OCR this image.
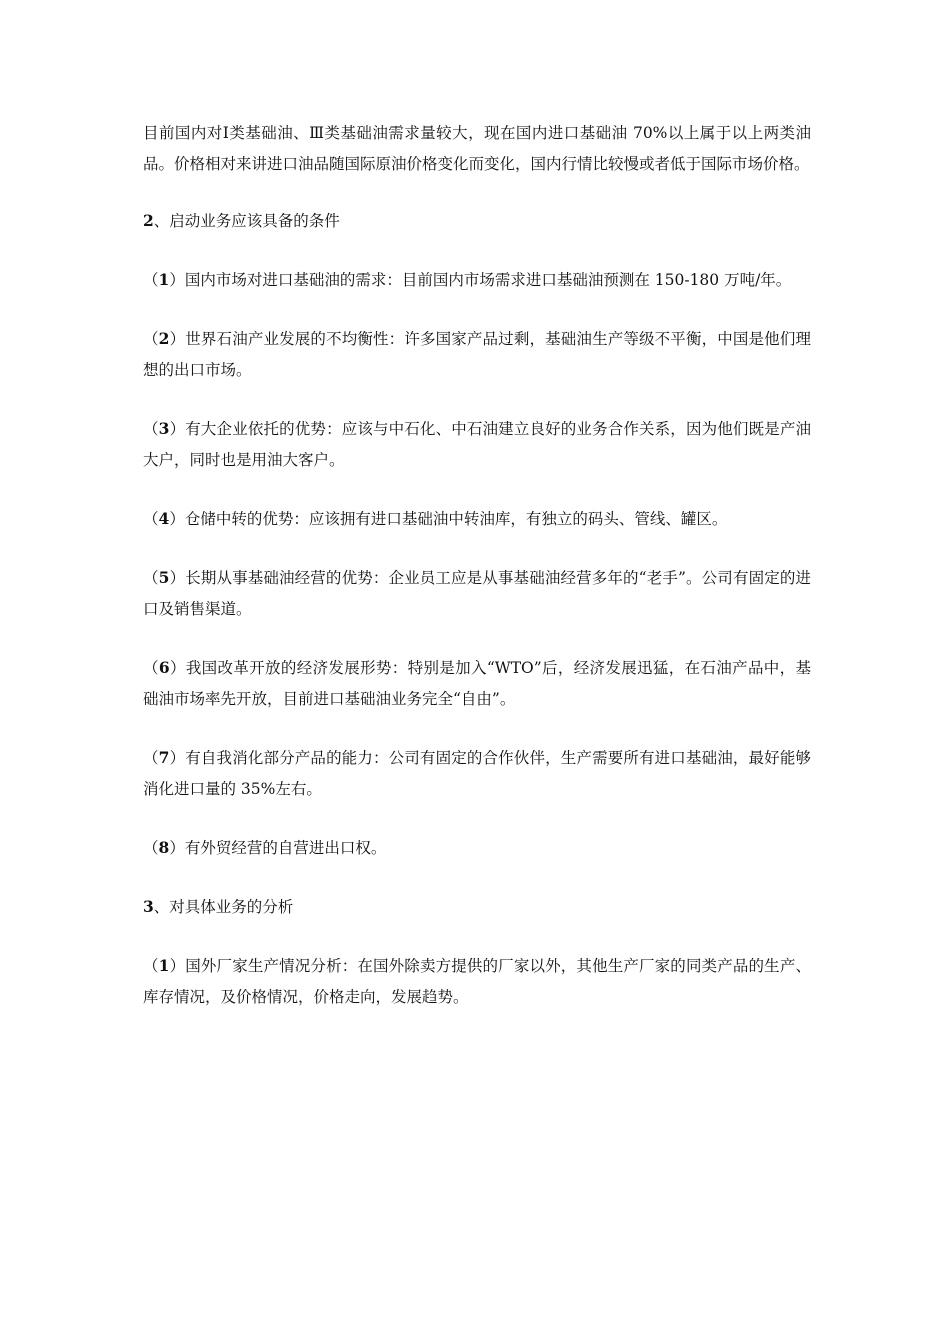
目前国内对Ⅰ类基础油、Ⅲ类基础油需求量较大，现在国内进口基础油 70%以上属于以上两类油品。价格相对来讲进口油品随国际原油价格变化而变化，国内行情比较慢或者低于国际市场价格。

2、启动业务应该具备的条件

（1）国内市场对进口基础油的需求：目前国内市场需求进口基础油预测在 150-180 万吨/年。

（2）世界石油产业发展的不均衡性：许多国家产品过剩，基础油生产等级不平衡，中国是他们理想的出口市场。

（3）有大企业依托的优势：应该与中石化、中石油建立良好的业务合作关系，因为他们既是产油大户，同时也是用油大客户。

（4）仓储中转的优势：应该拥有进口基础油中转油库，有独立的码头、管线、罐区。

（5）长期从事基础油经营的优势：企业员工应是从事基础油经营多年的“老手”。公司有固定的进口及销售渠道。

（6）我国改革开放的经济发展形势：特别是加入“WTO”后，经济发展迅猛，在石油产品中，基础油市场率先开放，目前进口基础油业务完全“自由”。

（7）有自我消化部分产品的能力：公司有固定的合作伙伴，生产需要所有进口基础油，最好能够消化进口量的 35%左右。

（8）有外贸经营的自营进出口权。

3、对具体业务的分析

（1）国外厂家生产情况分析：在国外除卖方提供的厂家以外，其他生产厂家的同类产品的生产、库存情况，及价格情况，价格走向，发展趋势。
